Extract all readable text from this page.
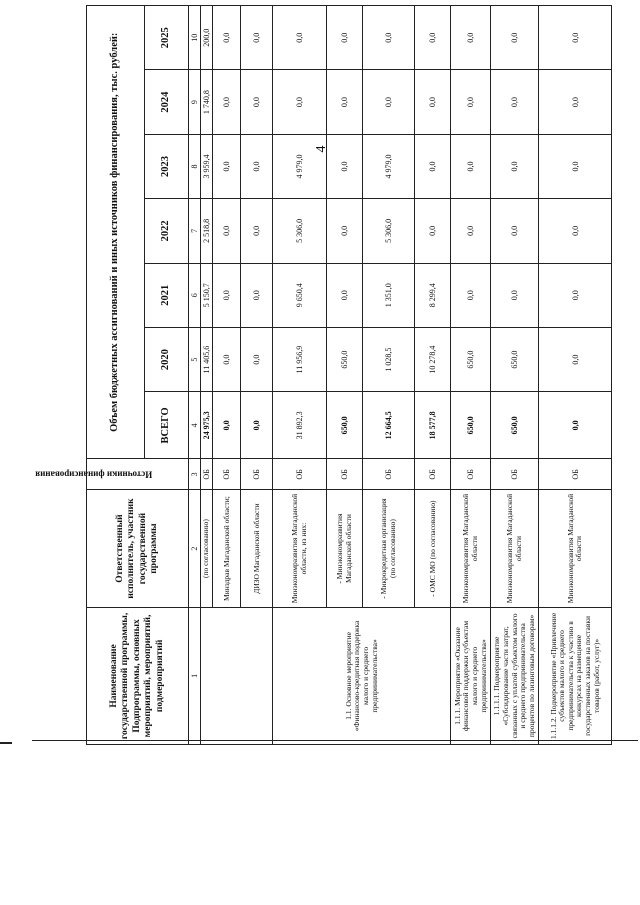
4
Наименование государственной программы, Подпрограммы, основных мероприятий, мероприятий, подмероприятий	Ответственный исполнитель, участник государственной программы	Источники финансирования	Объем бюджетных ассигнований и иных источников финансирования, тыс. рублей:						
			ВСЕГО	2020	2021	2022	2023	2024	2025
1	2	3	4	5	6	7	8	9	10
	(по согласованию)	ОБ	24 975,3	11 405,6	5 150,7	2 518,8	3 959,4	1 740,8	200,0
	Минздрав Магаданской области;	ОБ	0,0	0,0	0,0	0,0	0,0	0,0	0,0
	ДИЗО Магаданской области	ОБ	0,0	0,0	0,0	0,0	0,0	0,0	0,0
1.1. Основное мероприятие «Финансово-кредитная поддержка малого и среднего предпринимательства»	Минэкономразвития Магаданской области, из них:	ОБ	31 892,3	11 956,9	9 650,4	5 306,0	4 979,0	0,0	0,0
	- Минэкономразвития Магаданской области	ОБ	650,0	650,0	0,0	0,0	0,0	0,0	0,0
	- Микрокредитная организация (по согласованию)	ОБ	12 664,5	1 028,5	1 351,0	5 306,0	4 979,0	0,0	0,0
	- ОМС МО (по согласованию)	ОБ	18 577,8	10 278,4	8 299,4	0,0	0,0	0,0	0,0
1.1.1. Мероприятие «Оказание финансовой поддержки субъектам малого и среднего предпринимательства»	Минэкономразвития Магаданской области	ОБ	650,0	650,0	0,0	0,0	0,0	0,0	0,0
1.1.1.1. Подмероприятие «Субсидирование части затрат, связанных с уплатой субъектом малого и среднего предпринимательства процентов по лизинговым договорам»	Минэкономразвития Магаданской области	ОБ	650,0	650,0	0,0	0,0	0,0	0,0	0,0
1.1.1.2. Подмероприятие «Привлечение субъектов малого и среднего предпринимательства к участию в конкурсах на размещение государственных заказов на поставки товаров (работ, услуг)»	Минэкономразвития Магаданской области	ОБ	0,0	0,0	0,0	0,0	0,0	0,0	0,0
